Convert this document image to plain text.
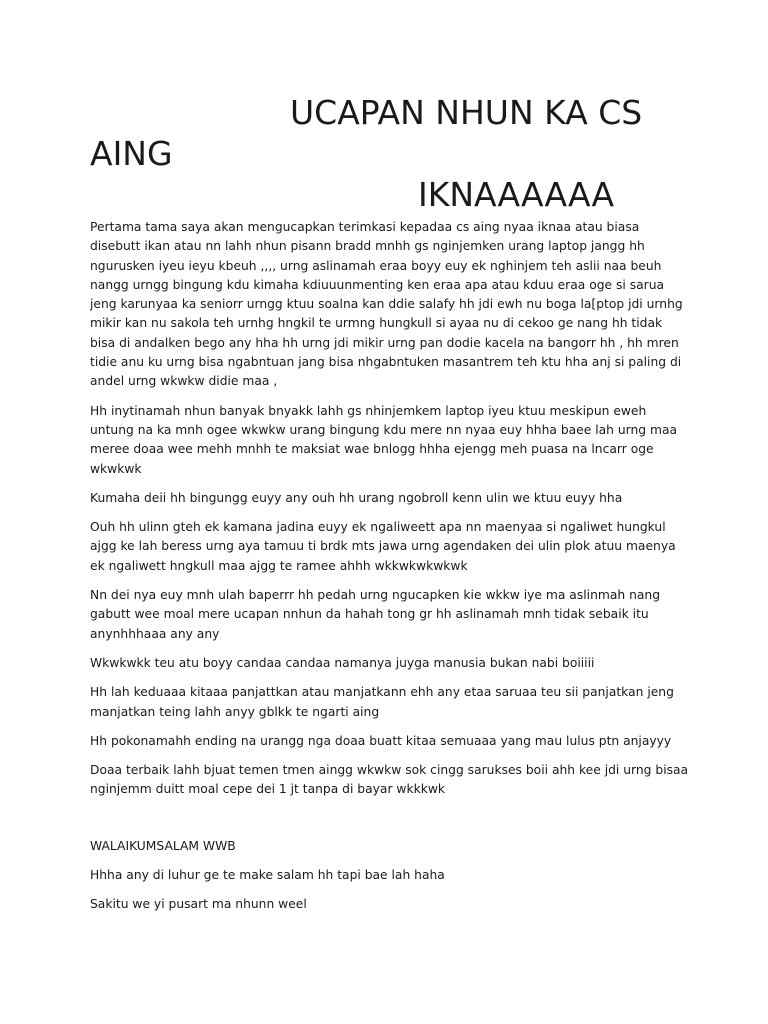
UCAPAN NHUN KA CS
AING
IKNAAAAAA

Pertama tama saya akan mengucapkan terimkasi kepadaa cs aing nyaa iknaa atau biasa disebutt ikan atau nn lahh nhun pisann bradd mnhh gs nginjemken urang laptop jangg hh ngurusken iyeu ieyu kbeuh ,,,, urng aslinamah eraa boyy euy ek nghinjem teh aslii naa beuh nangg urngg bingung kdu kimaha kdiuuunmenting ken eraa apa atau kduu eraa oge si sarua jeng karunyaa ka seniorr urngg ktuu soalna kan ddie salafy hh jdi ewh nu boga la[ptop jdi urnhg mikir kan nu sakola teh urnhg hngkil te urmng hungkull si ayaa nu di cekoo ge nang hh tidak bisa di andalken bego any hha hh urng jdi mikir urng pan dodie kacela na bangorr hh , hh mren tidie anu ku urng bisa ngabntuan jang bisa nhgabntuken masantrem teh ktu hha anj si paling di andel urng wkwkw didie maa ,

Hh inytinamah nhun banyak bnyakk lahh gs nhinjemkem laptop iyeu ktuu meskipun eweh untung na ka mnh ogee wkwkw urang bingung kdu mere nn nyaa euy hhha baee lah urng maa meree doaa wee mehh mnhh te maksiat wae bnlogg hhha ejengg meh puasa na lncarr oge wkwkwk

Kumaha deii hh bingungg euyy any ouh hh urang ngobroll kenn ulin we ktuu euyy hha

Ouh hh ulinn gteh ek kamana jadina euyy ek ngaliweett apa nn maenyaa si ngaliwet hungkul ajgg ke lah beress urng aya tamuu ti brdk mts jawa urng agendaken dei ulin plok atuu maenya ek ngaliwett hngkull maa ajgg te ramee ahhh wkkwkwkwkwk

Nn dei nya euy mnh ulah baperrr hh pedah urng ngucapken kie wkkw iye ma aslinmah nang gabutt wee moal mere ucapan nnhun da hahah tong gr hh aslinamah mnh tidak sebaik itu anynhhhaaa any any

Wkwkwkk teu atu boyy candaa candaa namanya juyga manusia bukan nabi boiiiii

Hh lah keduaaa kitaaa panjattkan atau manjatkann ehh any etaa saruaa teu sii panjatkan jeng manjatkan teing lahh anyy gblkk te ngarti aing

Hh pokonamahh ending na urangg nga doaa buatt kitaa semuaaa yang mau lulus ptn anjayyy

Doaa terbaik lahh bjuat temen tmen aingg wkwkw sok cingg sarukses boii ahh kee jdi urng bisaa nginjemm duitt moal cepe dei 1 jt tanpa di bayar wkkkwk

WALAIKUMSALAM WWB

Hhha any di luhur ge te make salam hh tapi bae lah haha

Sakitu we yi pusart ma nhunn weel
